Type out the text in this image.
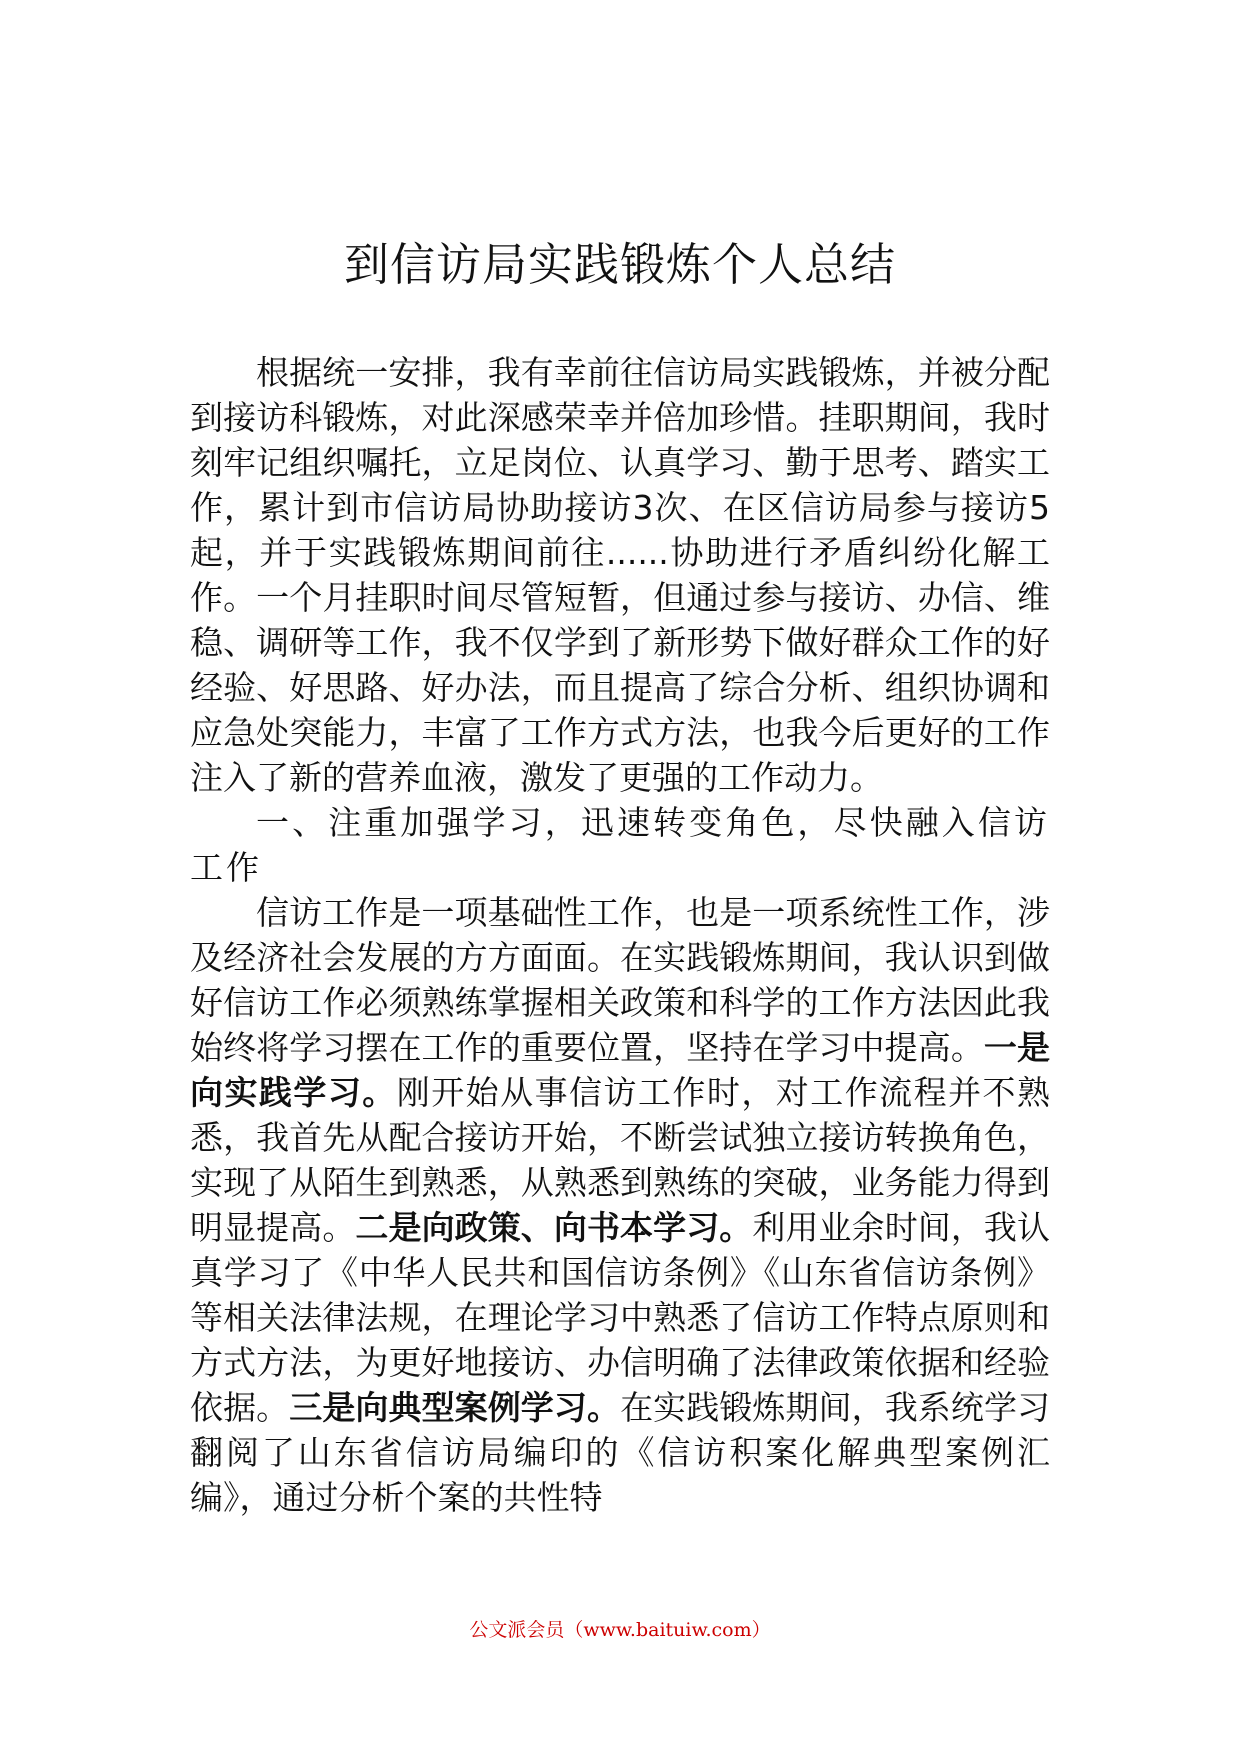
到信访局实践锻炼个人总结

根据统一安排，我有幸前往信访局实践锻炼，并被分配到接访科锻炼，对此深感荣幸并倍加珍惜。挂职期间，我时刻牢记组织嘱托，立足岗位、认真学习、勤于思考、踏实工作，累计到市信访局协助接访3次、在区信访局参与接访5起，并于实践锻炼期间前往......协助进行矛盾纠纷化解工作。一个月挂职时间尽管短暂，但通过参与接访、办信、维稳、调研等工作，我不仅学到了新形势下做好群众工作的好经验、好思路、好办法，而且提高了综合分析、组织协调和应急处突能力，丰富了工作方式方法，也我今后更好的工作注入了新的营养血液，激发了更强的工作动力。

一、注重加强学习，迅速转变角色，尽快融入信访工作

信访工作是一项基础性工作，也是一项系统性工作，涉及经济社会发展的方方面面。在实践锻炼期间，我认识到做好信访工作必须熟练掌握相关政策和科学的工作方法因此我始终将学习摆在工作的重要位置，坚持在学习中提高。一是向实践学习。刚开始从事信访工作时，对工作流程并不熟悉，我首先从配合接访开始，不断尝试独立接访转换角色，实现了从陌生到熟悉，从熟悉到熟练的突破，业务能力得到明显提高。二是向政策、向书本学习。利用业余时间，我认真学习了《中华人民共和国信访条例》《山东省信访条例》等相关法律法规，在理论学习中熟悉了信访工作特点原则和方式方法，为更好地接访、办信明确了法律政策依据和经验依据。三是向典型案例学习。在实践锻炼期间，我系统学习翻阅了山东省信访局编印的《信访积案化解典型案例汇编》，通过分析个案的共性特

公文派会员（www.baituiw.com）
